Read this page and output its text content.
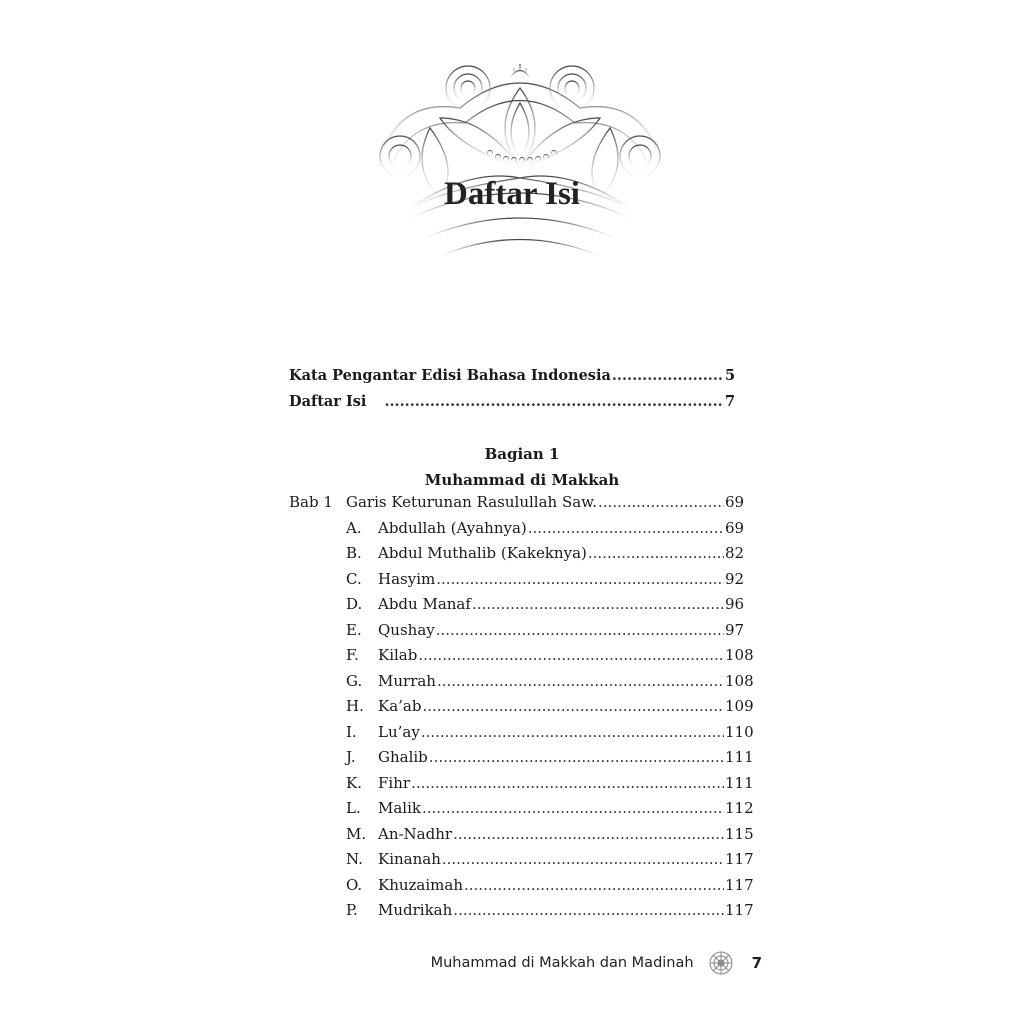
Daftar Isi
Kata Pengantar Edisi Bahasa Indonesia .....	5
Daftar Isi .....	7
Bagian 1
Muhammad di Makkah
Bab 1 Garis Keturunan Rasulullah Saw. .....	69
A.	Abdullah (Ayahnya) .....	69
B.	Abdul Muthalib (Kakeknya) .....	82
C.	Hasyim .....	92
D.	Abdu Manaf .....	96
E.	Qushay .....	97
F.	Kilab .....	108
G.	Murrah .....	108
H. Ka’ab .....	109
I.	Lu’ay .....	110
J.	Ghalib .....	111
K.	Fihr .....	111
L.	Malik .....	112
M. An-Nadhr .....	115
N.	Kinanah .....	117
O.	Khuzaimah .....	117
P.	Mudrikah .....	117
Muhammad di Makkah dan Madinah	7
